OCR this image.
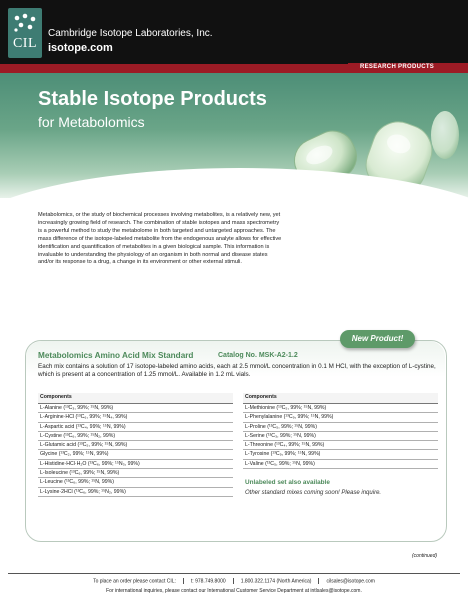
CIL
Cambridge Isotope Laboratories, Inc.
isotope.com
RESEARCH PRODUCTS
Stable Isotope Products
for Metabolomics
Metabolomics, or the study of biochemical processes involving metabolites, is a relatively new, yet increasingly growing field of research. The combination of stable isotopes and mass spectrometry is a powerful method to study the metabolome in both targeted and untargeted approaches. The mass difference of the isotope-labeled metabolite from the endogenous analyte allows for effective identification and quantification of metabolites in a given biological sample. This information is invaluable to understanding the physiology of an organism in both normal and disease states and/or its response to a drug, a change in its environment or other external stimuli.
New Product!
Metabolomics Amino Acid Mix Standard	Catalog No. MSK-A2-1.2
Each mix contains a solution of 17 isotope-labeled amino acids, each at 2.5 mmol/L concentration in 0.1 M HCl, with the exception of L-cystine, which is present at a concentration of 1.25 mmol/L. Available in 1.2 mL vials.
Components
L-Alanine (¹³C₃, 99%; ¹⁵N, 99%)
L-Arginine·HCl (¹³C₆, 99%; ¹⁵N₄, 99%)
L-Aspartic acid (¹³C₄, 99%; ¹⁵N, 99%)
L-Cystine (¹³C₆, 99%; ¹⁵N₂, 99%)
L-Glutamic acid (¹³C₅, 99%; ¹⁵N, 99%)
Glycine (¹³C₂, 99%; ¹⁵N, 99%)
L-Histidine·HCl·H₂O (¹³C₆, 99%; ¹⁵N₃, 99%)
L-Isoleucine (¹³C₆, 99%; ¹⁵N, 99%)
L-Leucine (¹³C₆, 99%; ¹⁵N, 99%)
L-Lysine·2HCl (¹³C₆, 99%; ¹⁵N₂, 99%)
Components
L-Methionine (¹³C₅, 99%; ¹⁵N, 99%)
L-Phenylalanine (¹³C₉, 99%; ¹⁵N, 99%)
L-Proline (¹³C₅, 99%; ¹⁵N, 99%)
L-Serine (¹³C₃, 99%; ¹⁵N, 99%)
L-Threonine (¹³C₄, 99%; ¹⁵N, 99%)
L-Tyrosine (¹³C₉, 99%; ¹⁵N, 99%)
L-Valine (¹³C₅, 99%; ¹⁵N, 99%)
Unlabeled set also available
Other standard mixes coming soon! Please inquire.
(continued)
To place an order please contact CIL:	t: 978.749.8000	1.800.322.1174 (North America)	cilsales@isotope.com
For international inquiries, please contact our International Customer Service Department at intlsales@isotope.com.
